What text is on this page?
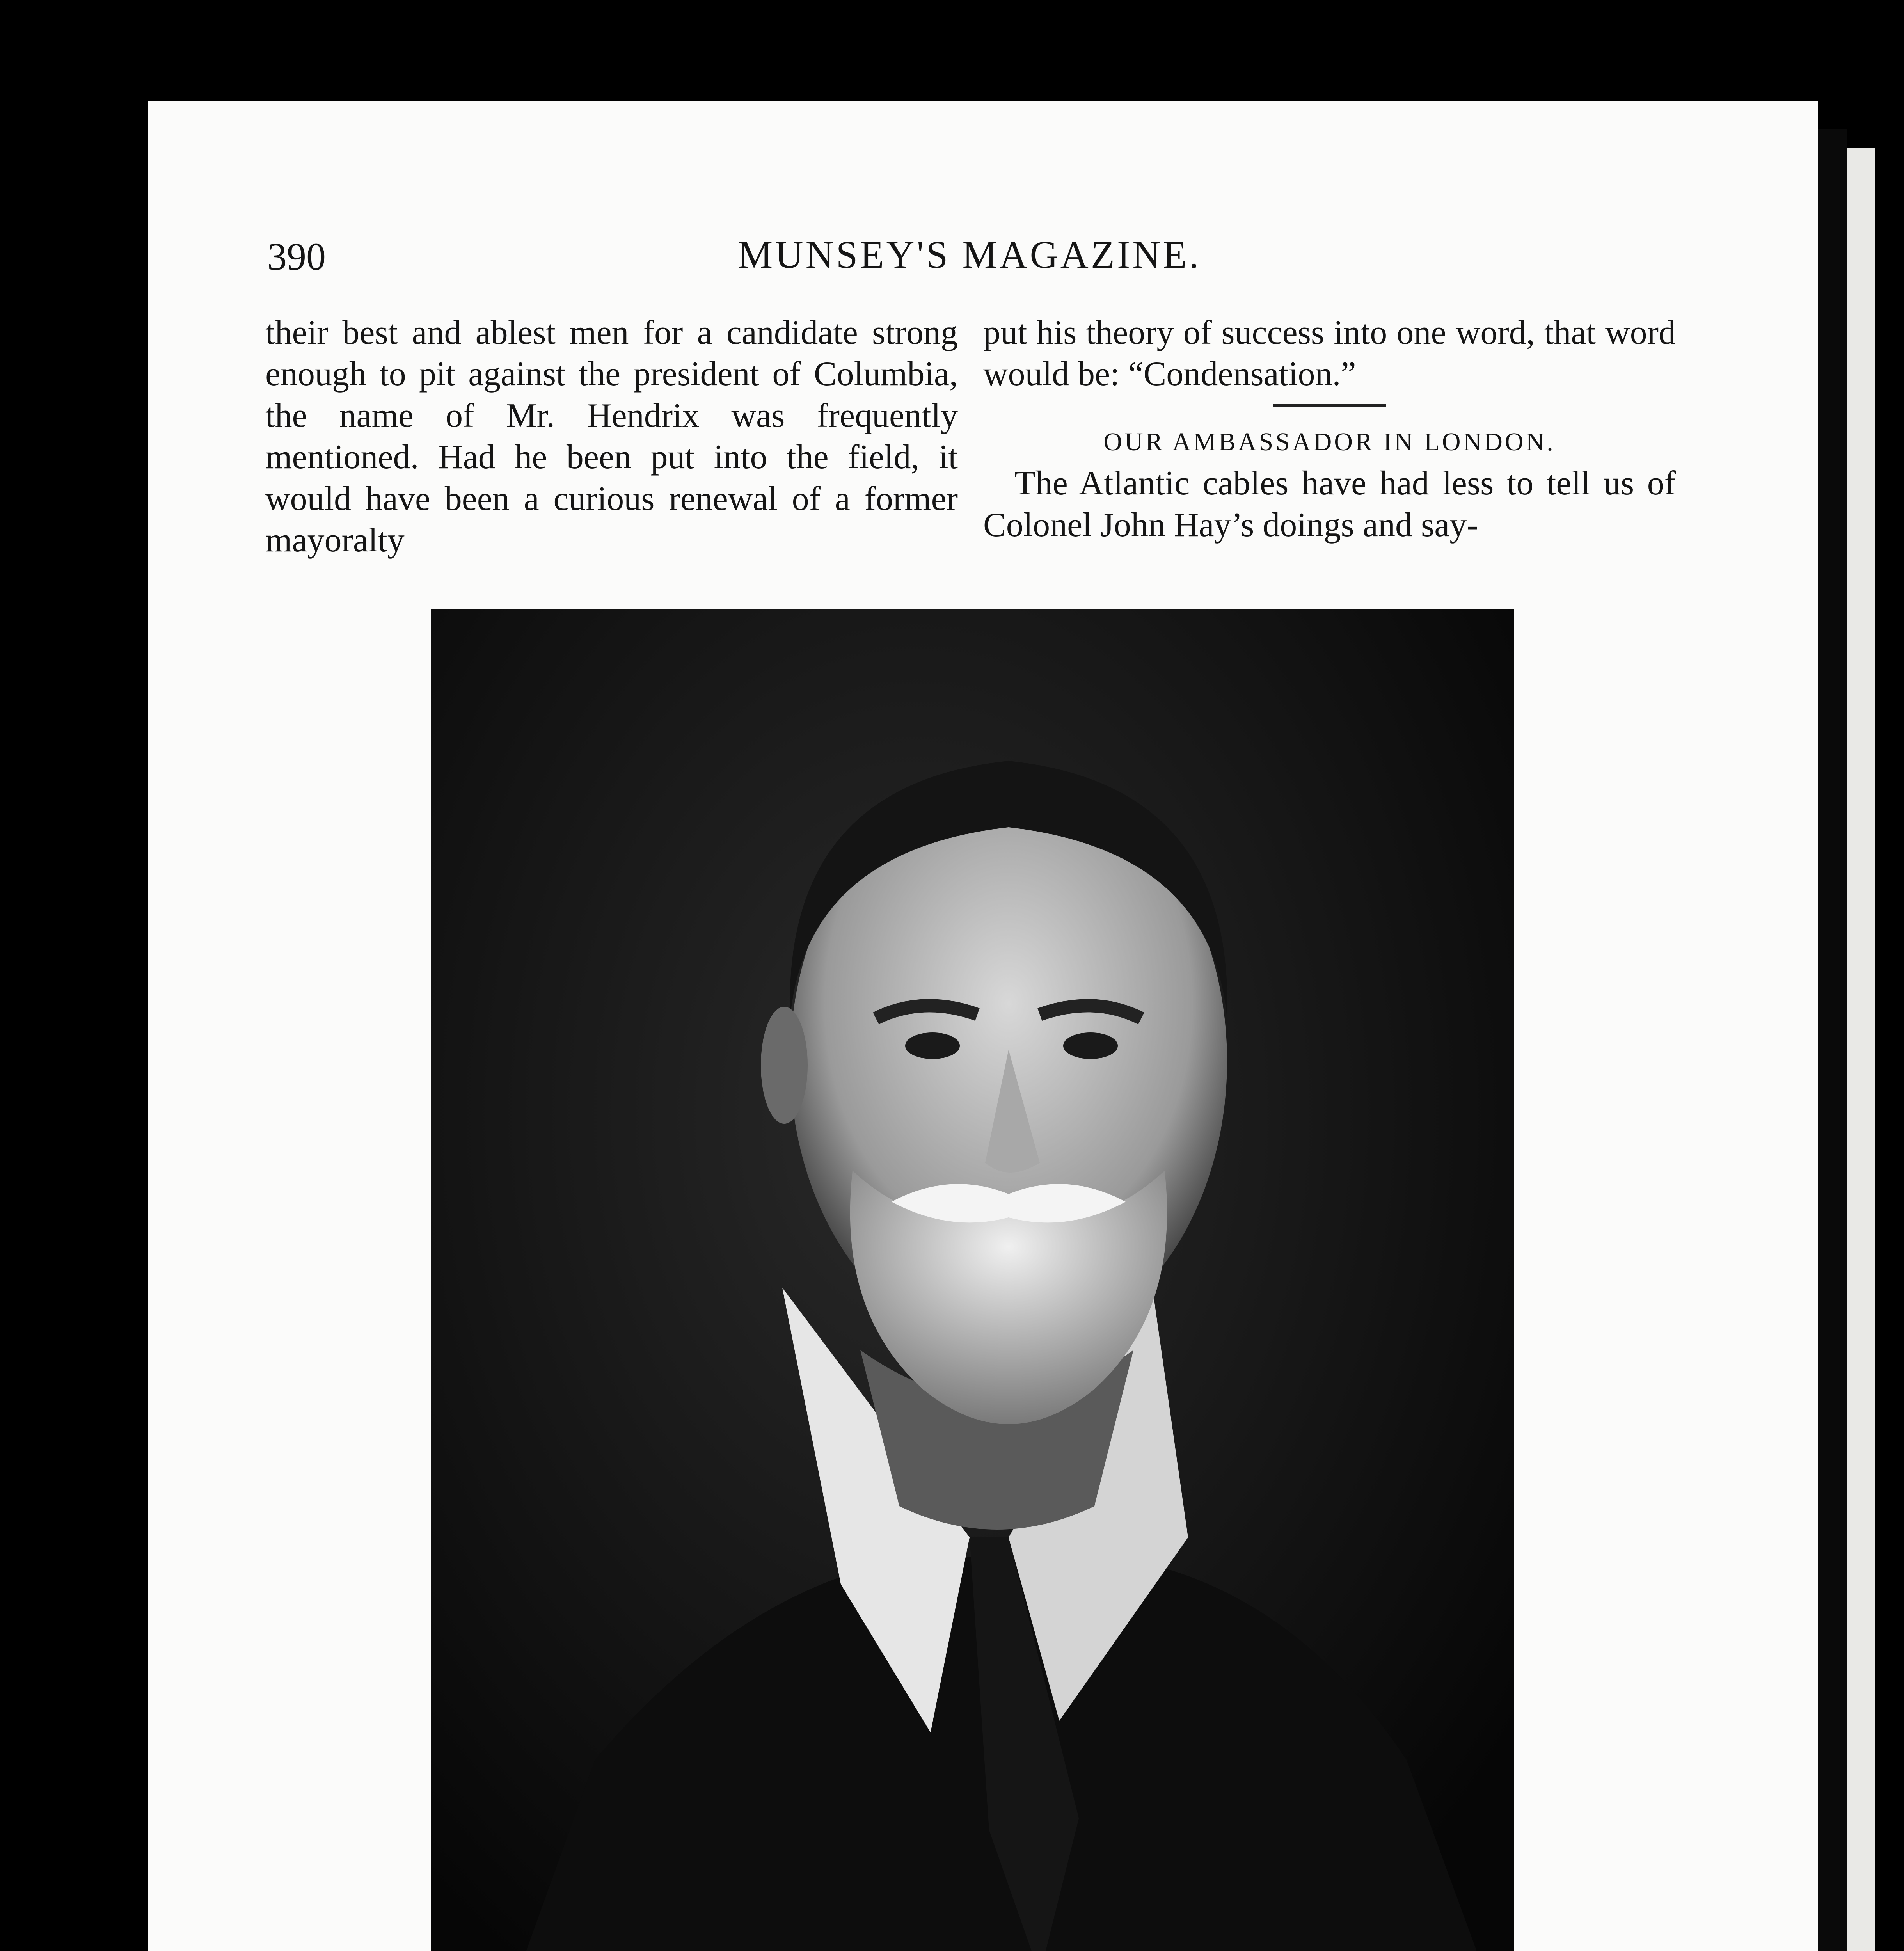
390	MUNSEY'S MAGAZINE.

their best and ablest men for a candidate strong enough to pit against the president of Columbia, the name of Mr. Hendrix was frequently mentioned. Had he been put into the field, it would have been a curious renewal of a former mayoralty

put his theory of success into one word, that word would be: “Condensation.”

OUR AMBASSADOR IN LONDON.

The Atlantic cables have had less to tell us of Colonel John Hay’s doings and say-
